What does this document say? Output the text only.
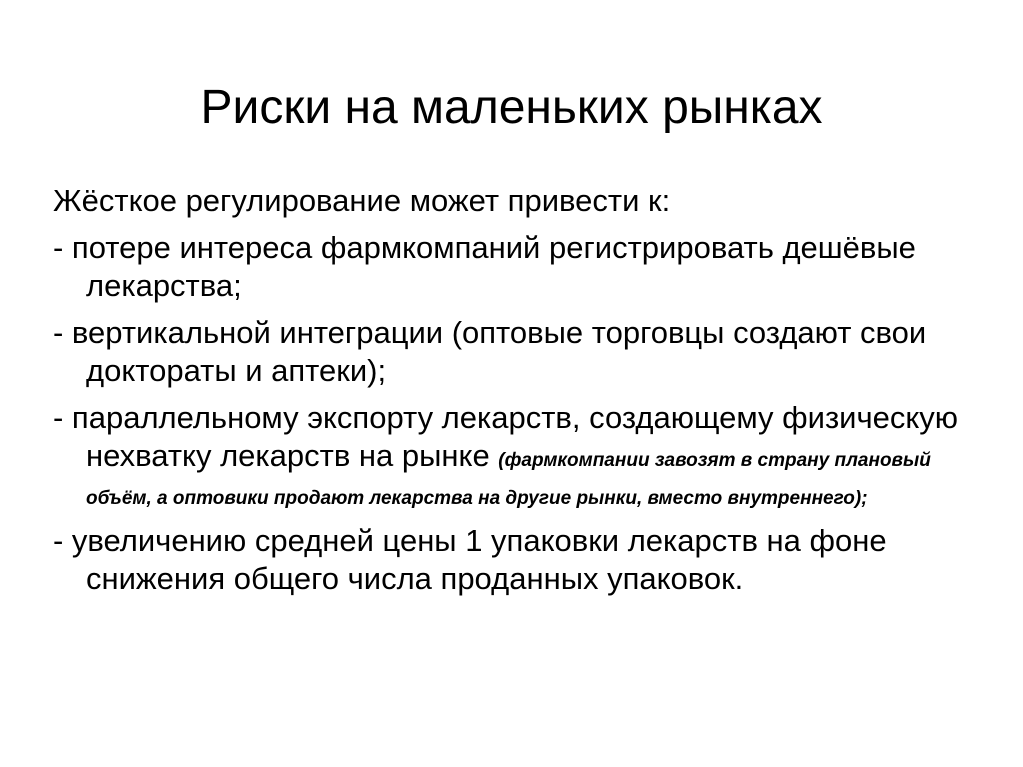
Риски на маленьких рынках

Жёсткое регулирование может привести к:

- потере интереса фармкомпаний регистрировать дешёвые лекарства;

- вертикальной интеграции (оптовые торговцы создают свои доктораты и аптеки);

- параллельному экспорту лекарств, создающему физическую нехватку лекарств на рынке (фармкомпании завозят в страну плановый объём, а оптовики продают лекарства на другие рынки, вместо внутреннего);

- увеличению средней цены 1 упаковки лекарств на фоне снижения общего числа проданных упаковок.
